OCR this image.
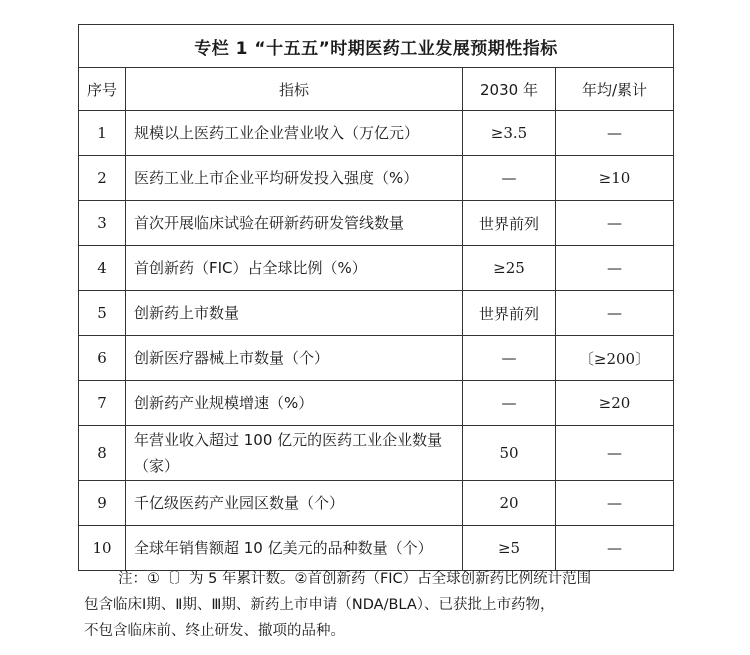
专栏 1 “十五五”时期医药工业发展预期性指标			
序号	指标	2030 年	年均/累计
1	规模以上医药工业企业营业收入（万亿元）	≥3.5	—
2	医药工业上市企业平均研发投入强度（%）	—	≥10
3	首次开展临床试验在研新药研发管线数量	世界前列	—
4	首创新药（FIC）占全球比例（%）	≥25	—
5	创新药上市数量	世界前列	—
6	创新医疗器械上市数量（个）	—	〔≥200〕
7	创新药产业规模增速（%）	—	≥20
8	年营业收入超过 100 亿元的医药工业企业数量（家）	50	—
9	千亿级医药产业园区数量（个）	20	—
10	全球年销售额超 10 亿美元的品种数量（个）	≥5	—

注：①〔〕为 5 年累计数。②首创新药（FIC）占全球创新药比例统计范围

包含临床Ⅰ期、Ⅱ期、Ⅲ期、新药上市申请（NDA/BLA）、已获批上市药物，

不包含临床前、终止研发、撤项的品种。
